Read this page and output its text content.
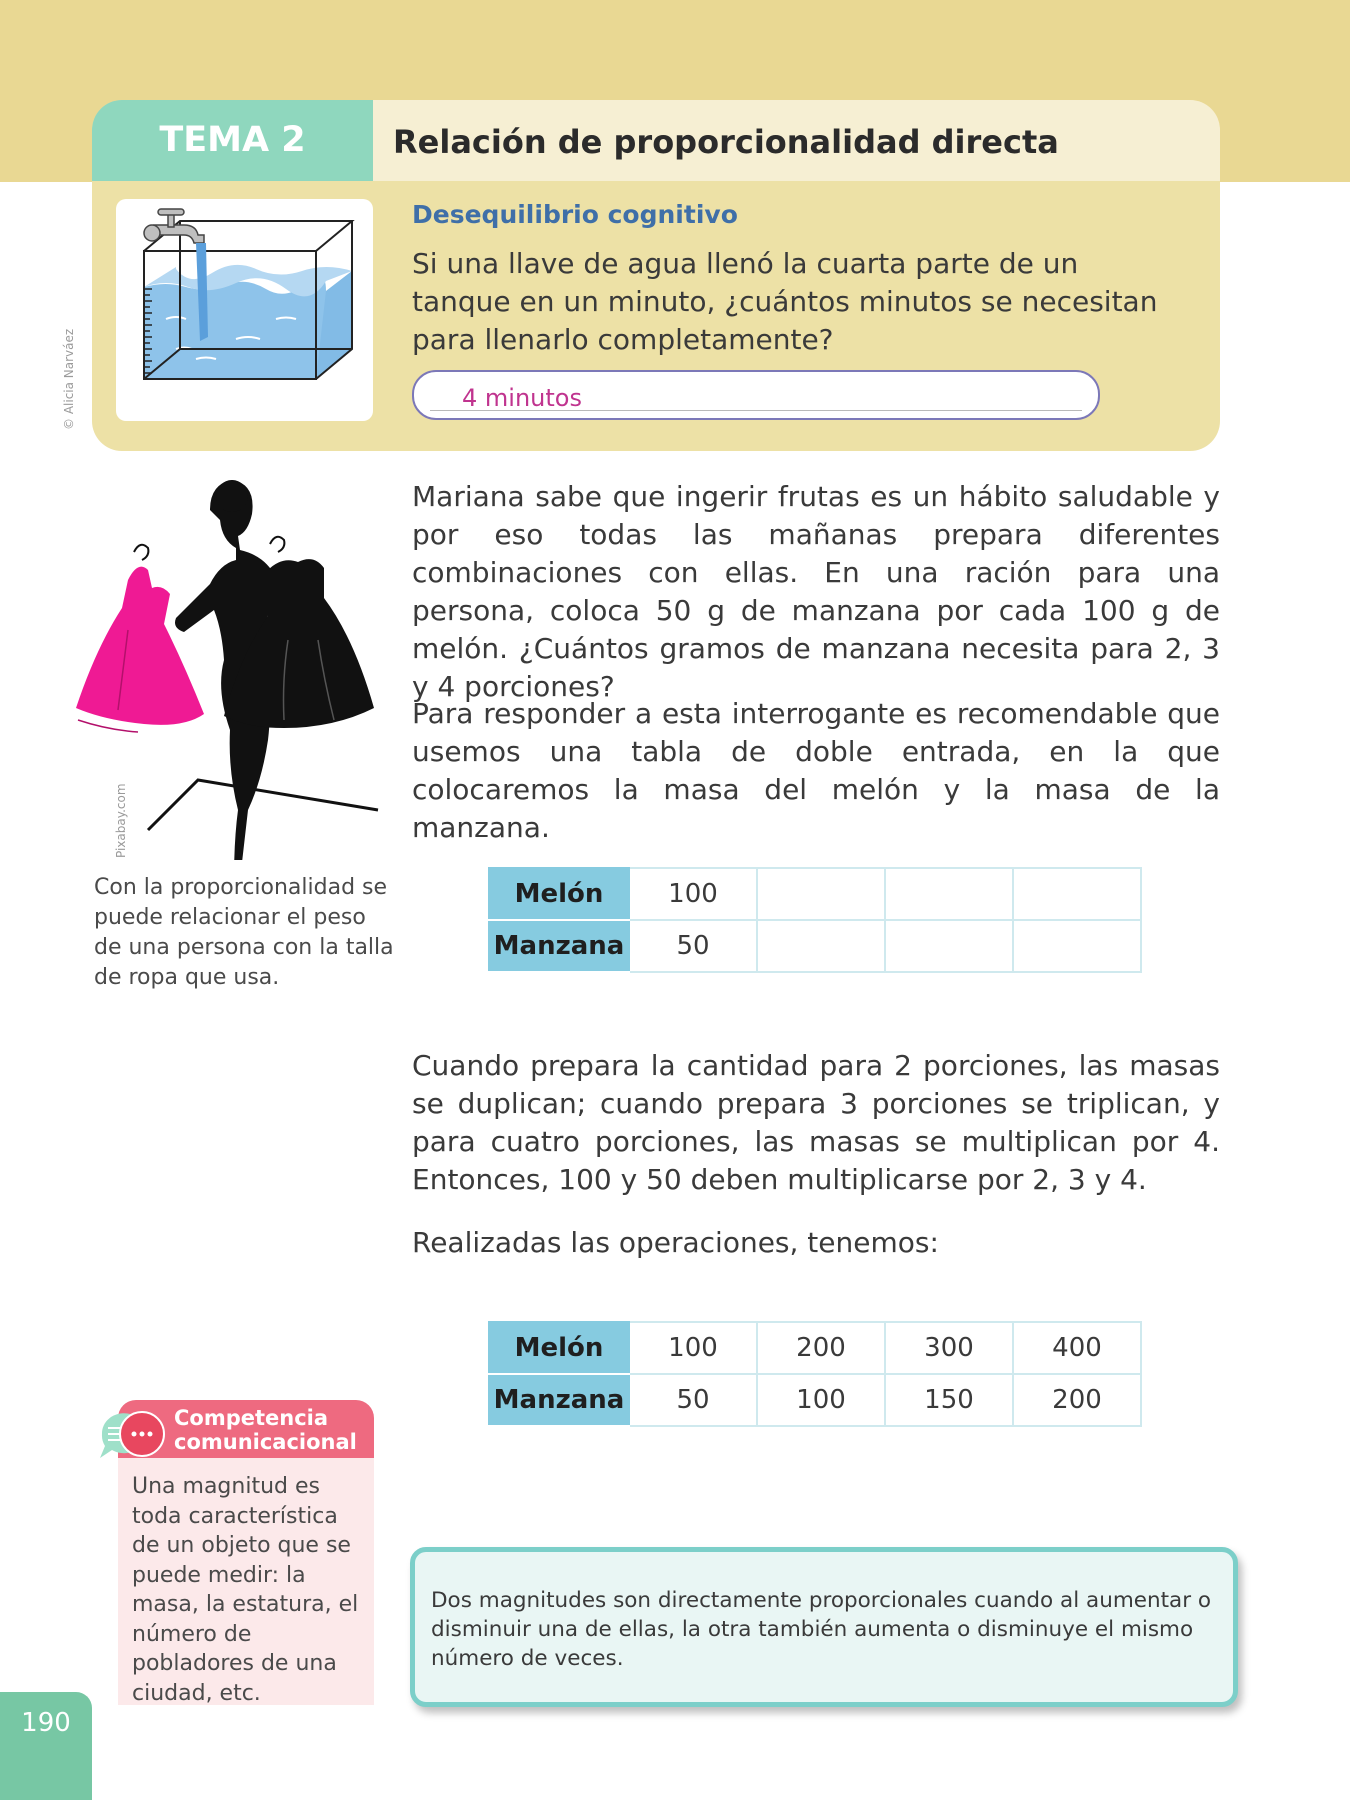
TEMA 2	Relación de proporcionalidad directa
Desequilibrio cognitivo
Si una llave de agua llenó la cuarta parte de un tanque en un minuto, ¿cuántos minutos se necesitan para llenarlo completamente?
4 minutos
© Alicia Narváez
Pixabay.com
Con la proporcionalidad se puede relacionar el peso de una persona con la talla de ropa que usa.
Mariana sabe que ingerir frutas es un hábito saludable y por eso todas las mañanas prepara diferentes combinaciones con ellas. En una ración para una persona, coloca 50 g de manzana por cada 100 g de melón. ¿Cuántos gramos de manzana necesita para 2, 3 y 4 porciones?
Para responder a esta interrogante es recomendable que usemos una tabla de doble entrada, en la que colocaremos la masa del melón y la masa de la manzana.
Melón	100			
Manzana	50			
Cuando prepara la cantidad para 2 porciones, las masas se duplican; cuando prepara 3 porciones se triplican, y para cuatro porciones, las masas se multiplican por 4. Entonces, 100 y 50 deben multiplicarse por 2, 3 y 4.
Realizadas las operaciones, tenemos:
Melón	100	200	300	400
Manzana	50	100	150	200
Competencia
comunicacional
Una magnitud es toda característica de un objeto que se puede medir: la masa, la estatura, el número de pobladores de una ciudad, etc.
Dos magnitudes son directamente proporcionales cuando al aumentar o disminuir una de ellas, la otra también aumenta o disminuye el mismo número de veces.
190
